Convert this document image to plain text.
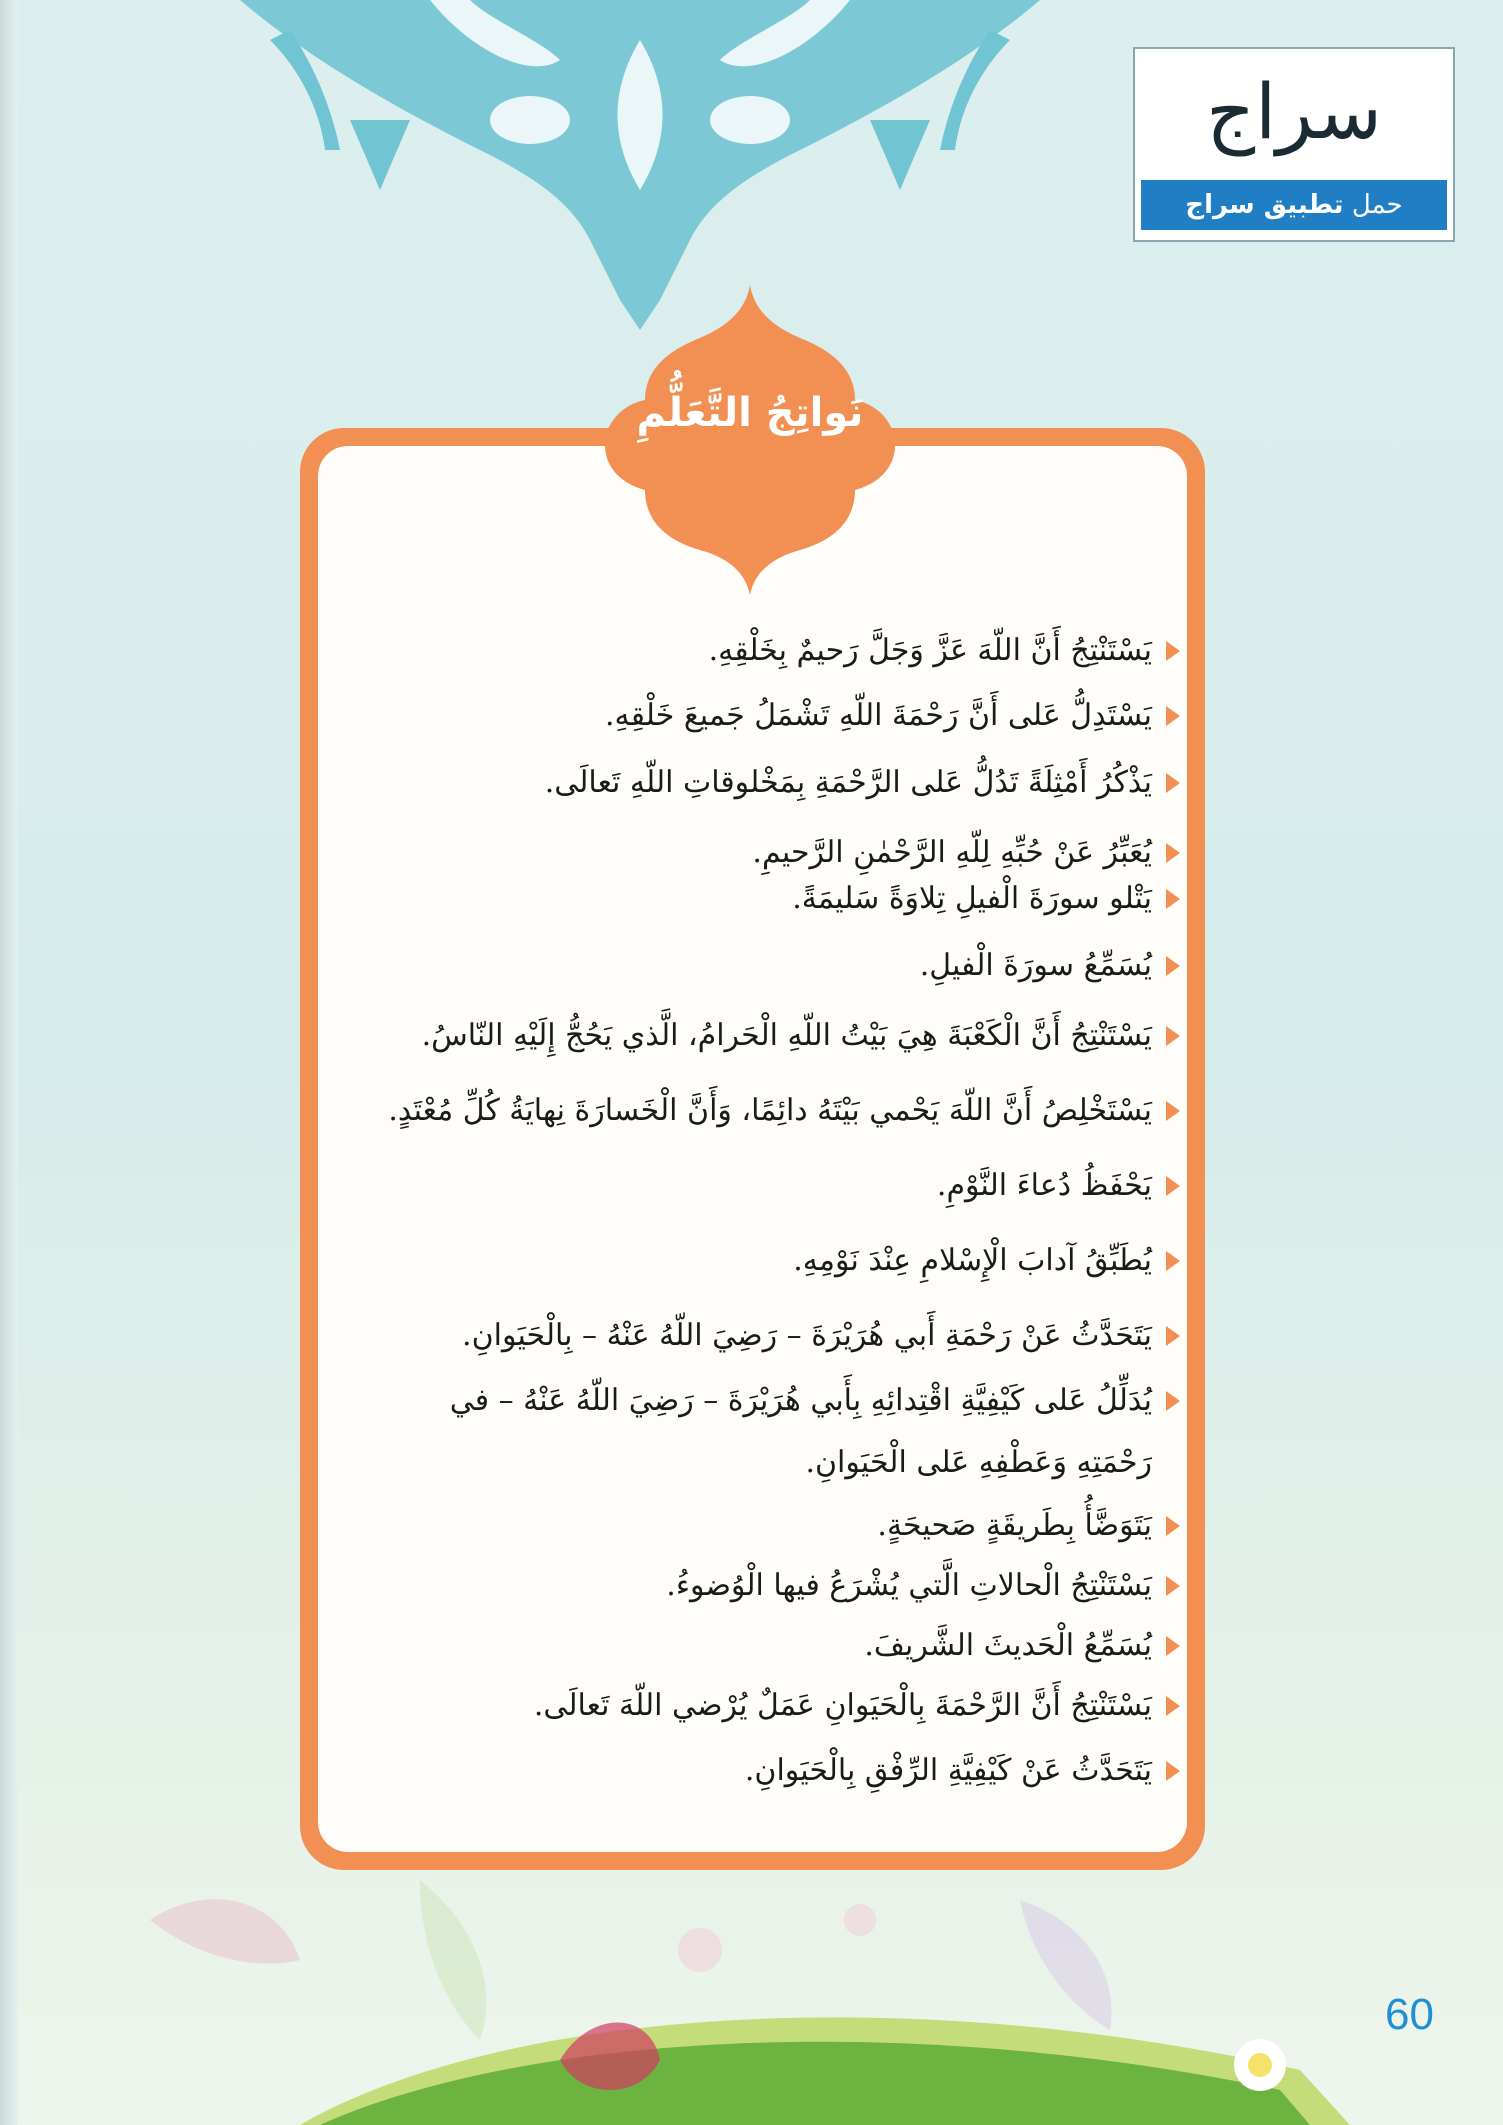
سراج
حمل تطبيق سراج
نَواتِجُ التَّعَلُّمِ
يَسْتَنْتِجُ أَنَّ اللّهَ عَزَّ وَجَلَّ رَحيمٌ بِخَلْقِهِ.
يَسْتَدِلُّ عَلى أَنَّ رَحْمَةَ اللّهِ تَشْمَلُ جَميعَ خَلْقِهِ.
يَذْكُرُ أَمْثِلَةً تَدُلُّ عَلى الرَّحْمَةِ بِمَخْلوقاتِ اللّهِ تَعالَى.
يُعَبِّرُ عَنْ حُبِّهِ لِلّهِ الرَّحْمٰنِ الرَّحيمِ.
يَتْلو سورَةَ الْفيلِ تِلاوَةً سَليمَةً.
يُسَمِّعُ سورَةَ الْفيلِ.
يَسْتَنْتِجُ أَنَّ الْكَعْبَةَ هِيَ بَيْتُ اللّهِ الْحَرامُ، الَّذي يَحُجُّ إِلَيْهِ النّاسُ.
يَسْتَخْلِصُ أَنَّ اللّهَ يَحْمي بَيْتَهُ دائِمًا، وَأَنَّ الْخَسارَةَ نِهايَةُ كُلِّ مُعْتَدٍ.
يَحْفَظُ دُعاءَ النَّوْمِ.
يُطَبِّقُ آدابَ الْإِسْلامِ عِنْدَ نَوْمِهِ.
يَتَحَدَّثُ عَنْ رَحْمَةِ أَبي هُرَيْرَةَ – رَضِيَ اللّهُ عَنْهُ – بِالْحَيَوانِ.
يُدَلِّلُ عَلى كَيْفِيَّةِ اقْتِدائِهِ بِأَبي هُرَيْرَةَ – رَضِيَ اللّهُ عَنْهُ – في رَحْمَتِهِ وَعَطْفِهِ عَلى الْحَيَوانِ.
يَتَوَضَّأُ بِطَريقَةٍ صَحيحَةٍ.
يَسْتَنْتِجُ الْحالاتِ الَّتي يُشْرَعُ فيها الْوُضوءُ.
يُسَمِّعُ الْحَديثَ الشَّريفَ.
يَسْتَنْتِجُ أَنَّ الرَّحْمَةَ بِالْحَيَوانِ عَمَلٌ يُرْضي اللّهَ تَعالَى.
يَتَحَدَّثُ عَنْ كَيْفِيَّةِ الرِّفْقِ بِالْحَيَوانِ.
60
